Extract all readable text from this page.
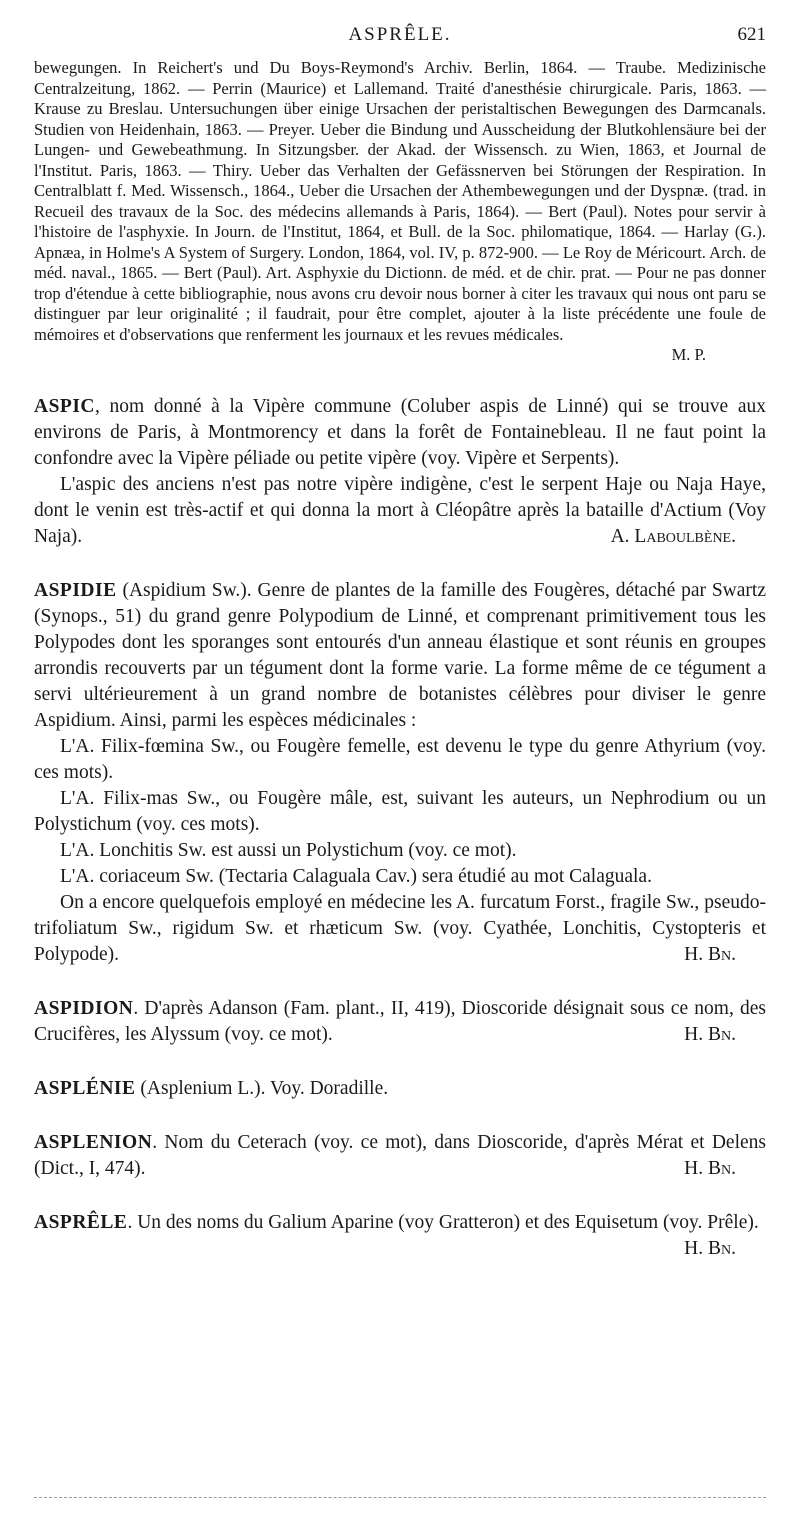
ASPRÊLE.	621

bewegungen. In Reichert's und Du Boys-Reymond's Archiv. Berlin, 1864. — Traube. Medizinische Centralzeitung, 1862. — Perrin (Maurice) et Lallemand. Traité d'anesthésie chirurgicale. Paris, 1863. — Krause zu Breslau. Untersuchungen über einige Ursachen der peristaltischen Bewegungen des Darmcanals. Studien von Heidenhain, 1863. — Preyer. Ueber die Bindung und Ausscheidung der Blutkohlensäure bei der Lungen- und Gewebeathmung. In Sitzungsber. der Akad. der Wissensch. zu Wien, 1863, et Journal de l'Institut. Paris, 1863. — Thiry. Ueber das Verhalten der Gefässnerven bei Störungen der Respiration. In Centralblatt f. Med. Wissensch., 1864., Ueber die Ursachen der Athembewegungen und der Dyspnæ. (trad. in Recueil des travaux de la Soc. des médecins allemands à Paris, 1864). — Bert (Paul). Notes pour servir à l'histoire de l'asphyxie. In Journ. de l'Institut, 1864, et Bull. de la Soc. philomatique, 1864. — Harlay (G.). Apnæa, in Holme's A System of Surgery. London, 1864, vol. IV, p. 872-900. — Le Roy de Méricourt. Arch. de méd. naval., 1865. — Bert (Paul). Art. Asphyxie du Dictionn. de méd. et de chir. prat. — Pour ne pas donner trop d'étendue à cette bibliographie, nous avons cru devoir nous borner à citer les travaux qui nous ont paru se distinguer par leur originalité ; il faudrait, pour être complet, ajouter à la liste précédente une foule de mémoires et d'observations que renferment les journaux et les revues médicales.

M. P.

ASPIC, nom donné à la Vipère commune (Coluber aspis de Linné) qui se trouve aux environs de Paris, à Montmorency et dans la forêt de Fontainebleau. Il ne faut point la confondre avec la Vipère péliade ou petite vipère (voy. Vipère et Serpents).

L'aspic des anciens n'est pas notre vipère indigène, c'est le serpent Haje ou Naja Haye, dont le venin est très-actif et qui donna la mort à Cléopâtre après la bataille d'Actium (Voy Naja).	A. Laboulbène.

ASPIDIE (Aspidium Sw.). Genre de plantes de la famille des Fougères, détaché par Swartz (Synops., 51) du grand genre Polypodium de Linné, et comprenant primitivement tous les Polypodes dont les sporanges sont entourés d'un anneau élastique et sont réunis en groupes arrondis recouverts par un tégument dont la forme varie. La forme même de ce tégument a servi ultérieurement à un grand nombre de botanistes célèbres pour diviser le genre Aspidium. Ainsi, parmi les espèces médicinales :

L'A. Filix-fœmina Sw., ou Fougère femelle, est devenu le type du genre Athyrium (voy. ces mots).

L'A. Filix-mas Sw., ou Fougère mâle, est, suivant les auteurs, un Nephrodium ou un Polystichum (voy. ces mots).

L'A. Lonchitis Sw. est aussi un Polystichum (voy. ce mot).

L'A. coriaceum Sw. (Tectaria Calaguala Cav.) sera étudié au mot Calaguala.

On a encore quelquefois employé en médecine les A. furcatum Forst., fragile Sw., pseudo-trifoliatum Sw., rigidum Sw. et rhæticum Sw. (voy. Cyathée, Lonchitis, Cystopteris et Polypode).	H. Bn.

ASPIDION. D'après Adanson (Fam. plant., II, 419), Dioscoride désignait sous ce nom, des Crucifères, les Alyssum (voy. ce mot).	H. Bn.

ASPLÉNIE (Asplenium L.). Voy. Doradille.

ASPLENION. Nom du Ceterach (voy. ce mot), dans Dioscoride, d'après Mérat et Delens (Dict., I, 474).	H. Bn.

ASPRÊLE. Un des noms du Galium Aparine (voy Gratteron) et des Equisetum (voy. Prêle).
H. Bn.
